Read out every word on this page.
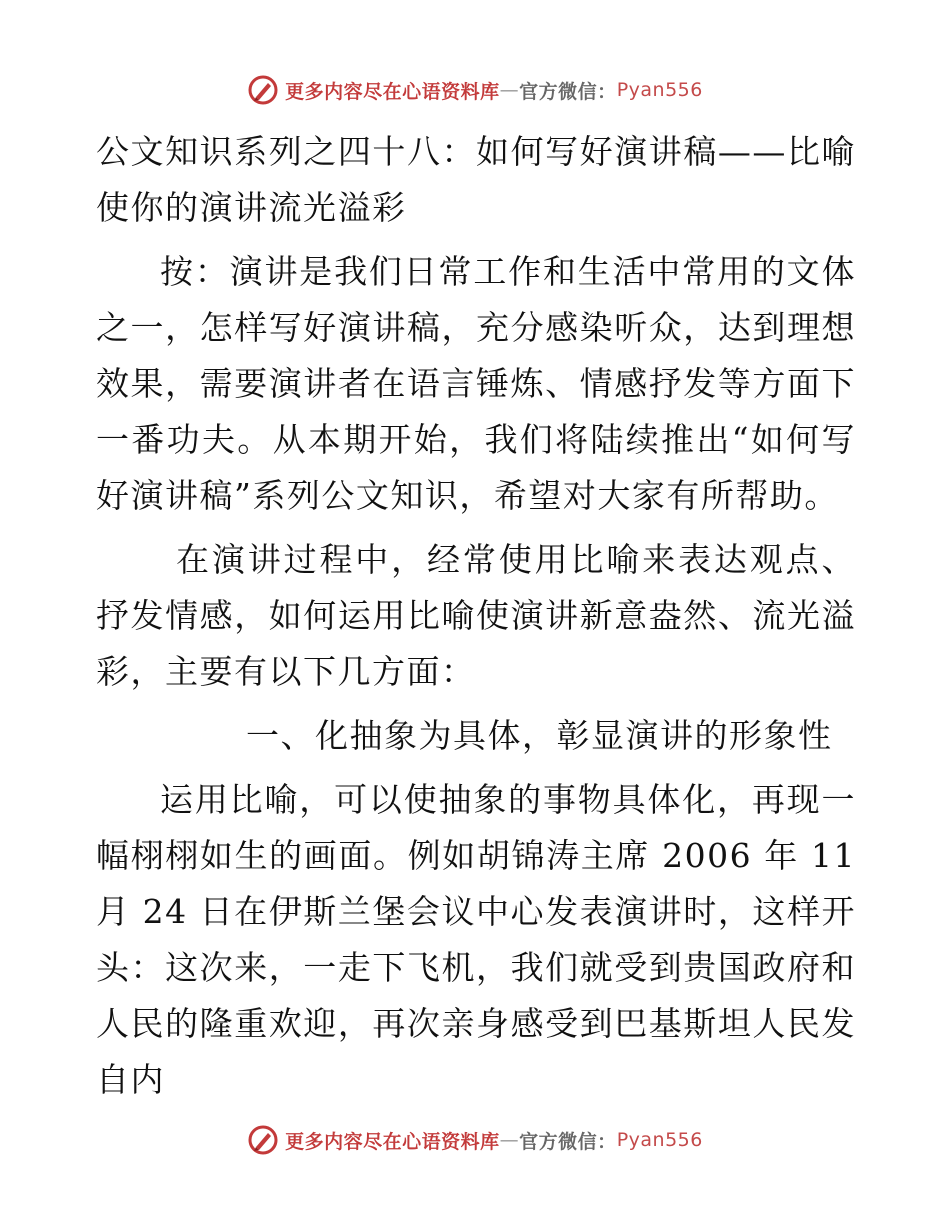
更多内容尽在心语资料库 — 官方微信： Pyan556

公文知识系列之四十八：如何写好演讲稿——比喻使你的演讲流光溢彩

按：演讲是我们日常工作和生活中常用的文体之一，怎样写好演讲稿，充分感染听众，达到理想效果，需要演讲者在语言锤炼、情感抒发等方面下一番功夫。从本期开始，我们将陆续推出“如何写好演讲稿”系列公文知识，希望对大家有所帮助。

在演讲过程中，经常使用比喻来表达观点、抒发情感，如何运用比喻使演讲新意盎然、流光溢彩，主要有以下几方面：

一、化抽象为具体，彰显演讲的形象性

运用比喻，可以使抽象的事物具体化，再现一幅栩栩如生的画面。例如胡锦涛主席 2006 年 11 月 24 日在伊斯兰堡会议中心发表演讲时，这样开头：这次来，一走下飞机，我们就受到贵国政府和人民的隆重欢迎，再次亲身感受到巴基斯坦人民发自内

更多内容尽在心语资料库 — 官方微信： Pyan556
